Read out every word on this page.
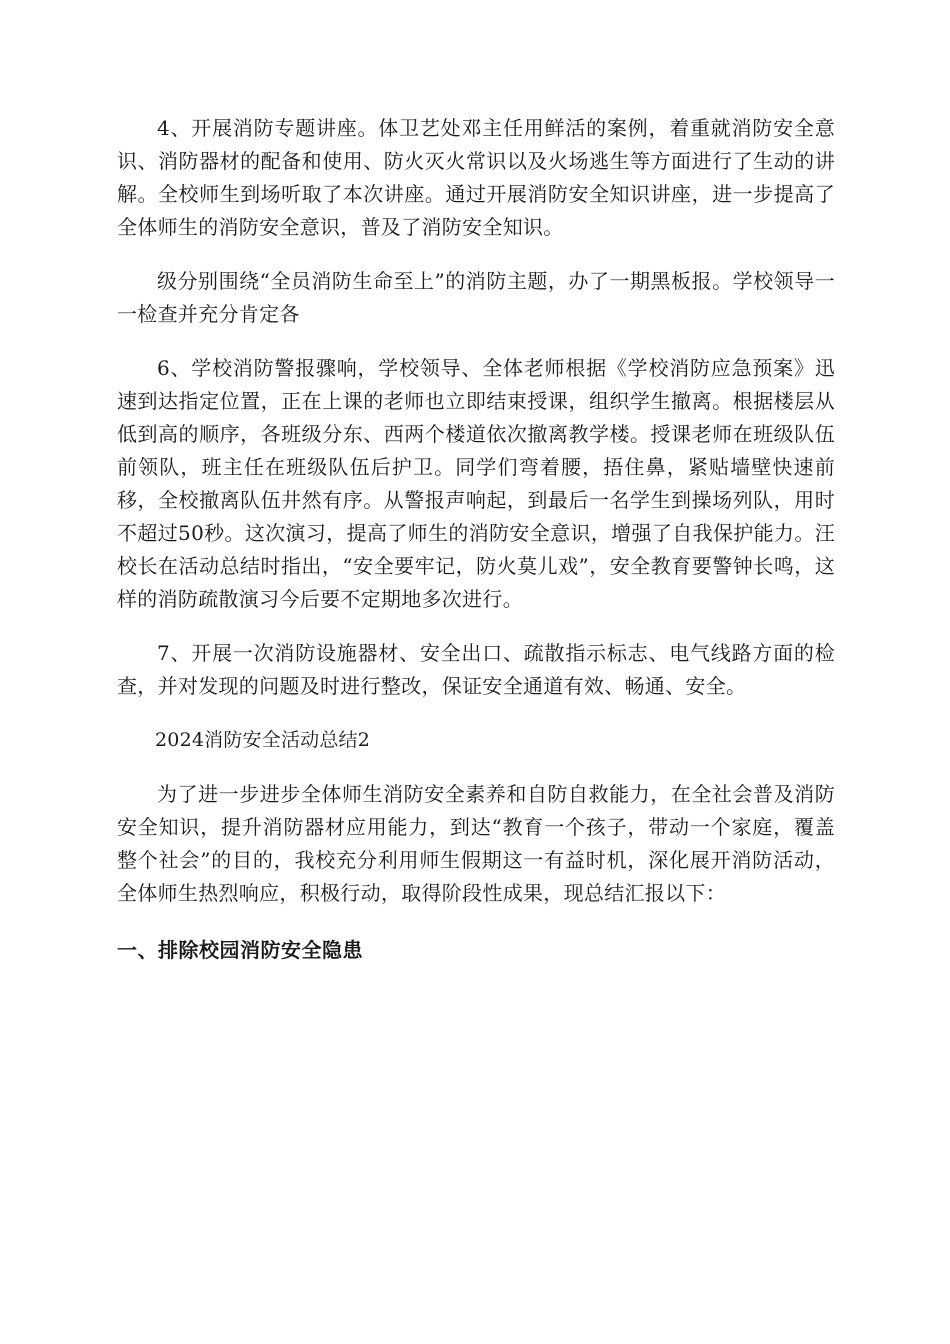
4、开展消防专题讲座。体卫艺处邓主任用鲜活的案例，着重就消防安全意识、消防器材的配备和使用、防火灭火常识以及火场逃生等方面进行了生动的讲解。全校师生到场听取了本次讲座。通过开展消防安全知识讲座，进一步提高了全体师生的消防安全意识，普及了消防安全知识。

级分别围绕“全员消防生命至上”的消防主题，办了一期黑板报。学校领导一一检查并充分肯定各

6、学校消防警报骤响，学校领导、全体老师根据《学校消防应急预案》迅速到达指定位置，正在上课的老师也立即结束授课，组织学生撤离。根据楼层从低到高的顺序，各班级分东、西两个楼道依次撤离教学楼。授课老师在班级队伍前领队，班主任在班级队伍后护卫。同学们弯着腰，捂住鼻，紧贴墙壁快速前移，全校撤离队伍井然有序。从警报声响起，到最后一名学生到操场列队，用时不超过50秒。这次演习，提高了师生的消防安全意识，增强了自我保护能力。汪校长在活动总结时指出，“安全要牢记，防火莫儿戏”，安全教育要警钟长鸣，这样的消防疏散演习今后要不定期地多次进行。

7、开展一次消防设施器材、安全出口、疏散指示标志、电气线路方面的检查，并对发现的问题及时进行整改，保证安全通道有效、畅通、安全。

2024消防安全活动总结2

为了进一步进步全体师生消防安全素养和自防自救能力，在全社会普及消防安全知识，提升消防器材应用能力，到达“教育一个孩子，带动一个家庭，覆盖整个社会”的目的，我校充分利用师生假期这一有益时机，深化展开消防活动，全体师生热烈响应，积极行动，取得阶段性成果，现总结汇报以下：

一、排除校园消防安全隐患
